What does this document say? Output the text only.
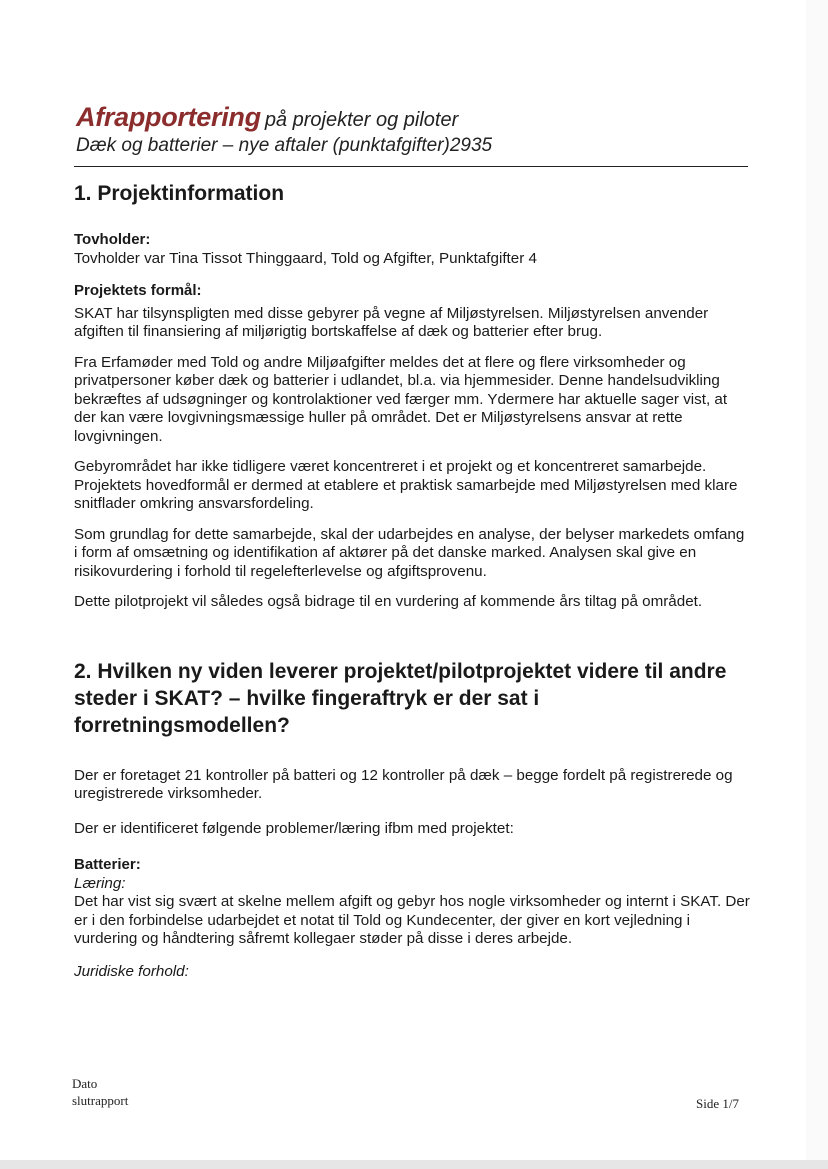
Afrapportering på projekter og piloter
Dæk og batterier – nye aftaler (punktafgifter)2935
1. Projektinformation
Tovholder:
Tovholder var Tina Tissot Thinggaard, Told og Afgifter, Punktafgifter 4
Projektets formål:

SKAT har tilsynspligten med disse gebyrer på vegne af Miljøstyrelsen. Miljøstyrelsen anvender afgiften til finansiering af miljørigtig bortskaffelse af dæk og batterier efter brug.

Fra Erfamøder med Told og andre Miljøafgifter meldes det at flere og flere virksomheder og privatpersoner køber dæk og batterier i udlandet, bl.a. via hjemmesider. Denne handelsudvikling bekræftes af udsøgninger og kontrolaktioner ved færger mm. Ydermere har aktuelle sager vist, at der kan være lovgivningsmæssige huller på området. Det er Miljøstyrelsens ansvar at rette lovgivningen.

Gebyrområdet har ikke tidligere været koncentreret i et projekt og et koncentreret samarbejde. Projektets hovedformål er dermed at etablere et praktisk samarbejde med Miljøstyrelsen med klare snitflader omkring ansvarsfordeling.

Som grundlag for dette samarbejde, skal der udarbejdes en analyse, der belyser markedets omfang i form af omsætning og identifikation af aktører på det danske marked. Analysen skal give en risikovurdering i forhold til regelefterlevelse og afgiftsprovenu.

Dette pilotprojekt vil således også bidrage til en vurdering af kommende års tiltag på området.

2. Hvilken ny viden leverer projektet/pilotprojektet videre til andre steder i SKAT? – hvilke fingeraftryk er der sat i forretningsmodellen?

Der er foretaget 21 kontroller på batteri og 12 kontroller på dæk – begge fordelt på registrerede og uregistrerede virksomheder.

Der er identificeret følgende problemer/læring ifbm med projektet:

Batterier:
Læring:

Det har vist sig svært at skelne mellem afgift og gebyr hos nogle virksomheder og internt i SKAT. Der er i den forbindelse udarbejdet et notat til Told og Kundecenter, der giver en kort vejledning i vurdering og håndtering såfremt kollegaer støder på disse i deres arbejde.

Juridiske forhold:
Dato
slutrapport	Side 1/7
